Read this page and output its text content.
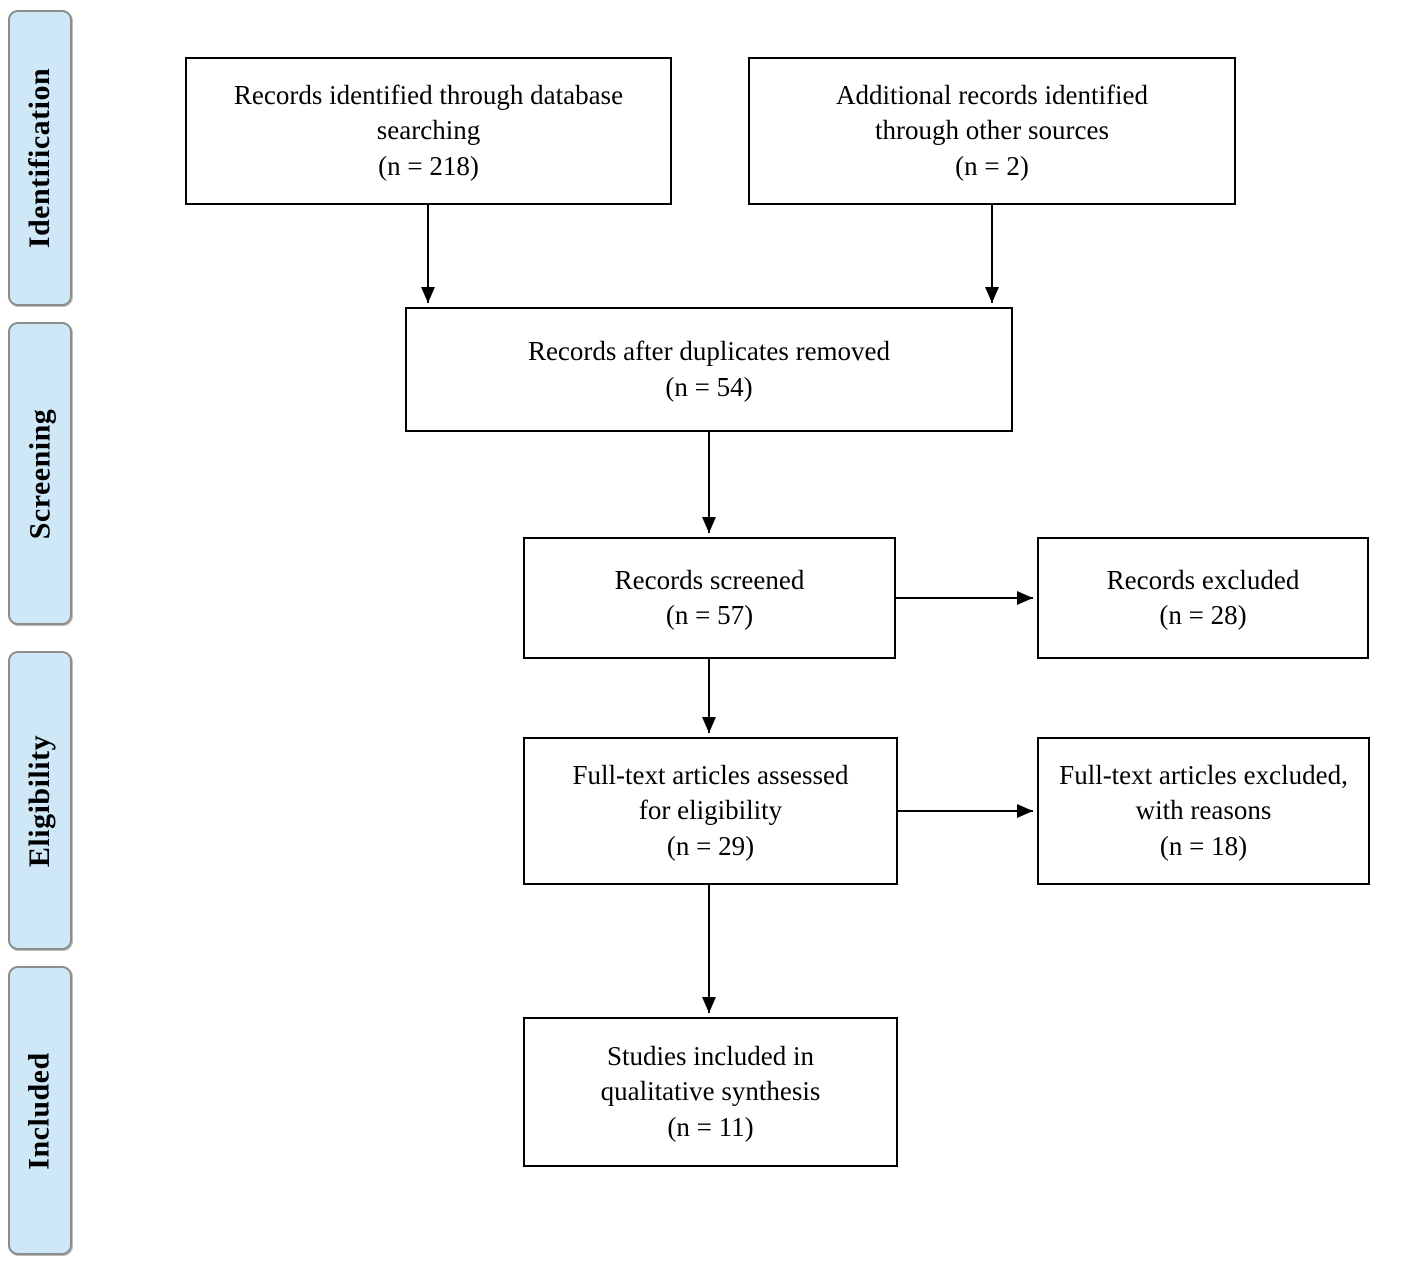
Identification
Screening
Eligibility
Included
Records identified through database
searching
(n = 218)
Additional records identified
through other sources
(n = 2)
Records after duplicates removed
(n = 54)
Records screened
(n = 57)
Records excluded
(n = 28)
Full-text articles assessed
for eligibility
(n = 29)
Full-text articles excluded,
with reasons
(n = 18)
Studies included in
qualitative synthesis
(n = 11)
